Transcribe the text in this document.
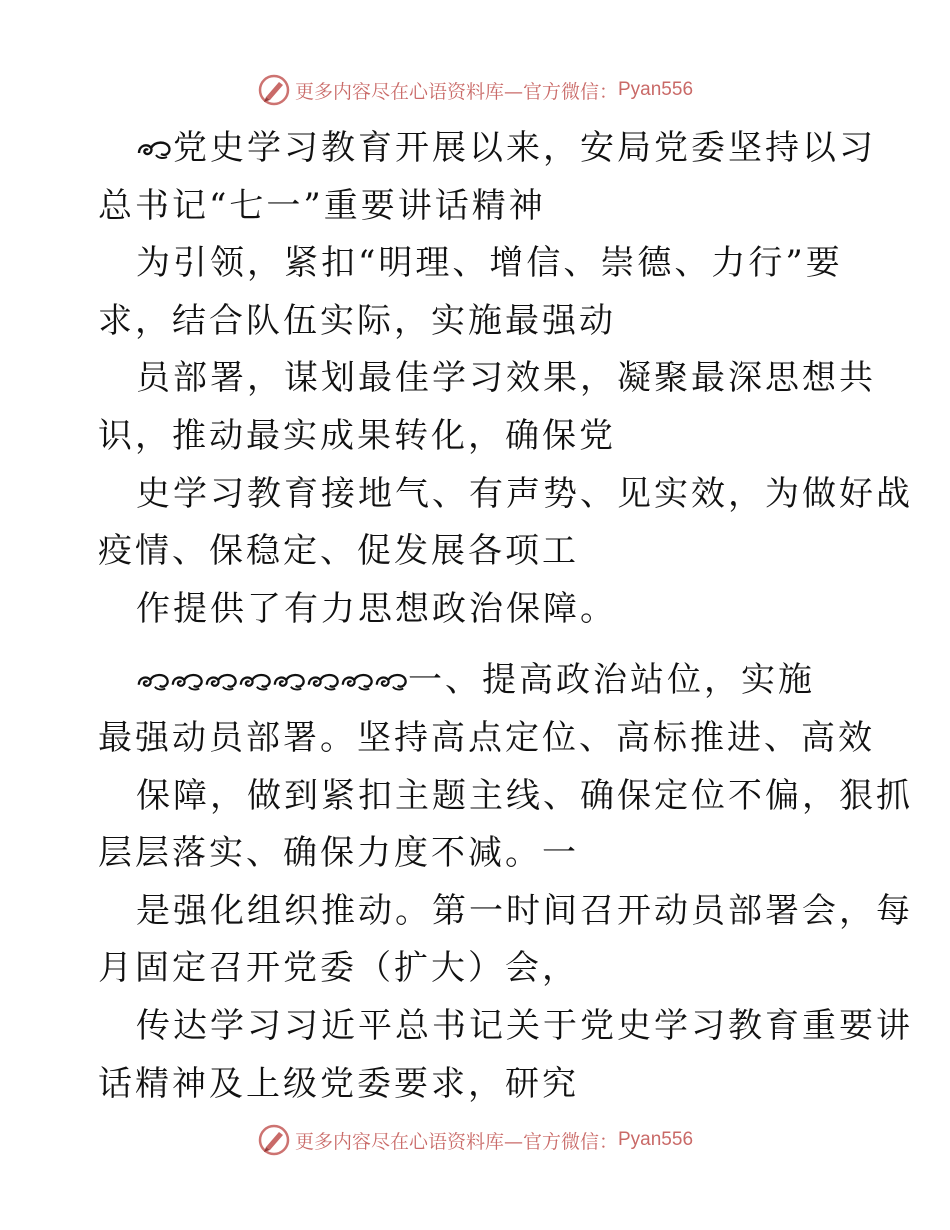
更多内容尽在心语资料库—官方微信： Pyan556
党史学习教育开展以来，安局党委坚持以习
总书记“七一”重要讲话精神
为引领，紧扣“明理、增信、崇德、力行”要
求，结合队伍实际，实施最强动
员部署，谋划最佳学习效果，凝聚最深思想共
识，推动最实成果转化，确保党
史学习教育接地气、有声势、见实效，为做好战
疫情、保稳定、促发展各项工
作提供了有力思想政治保障。
一、提高政治站位，实施
最强动员部署。坚持高点定位、高标推进、高效
保障，做到紧扣主题主线、确保定位不偏，狠抓
层层落实、确保力度不减。一
是强化组织推动。第一时间召开动员部署会，每
月固定召开党委（扩大）会，
传达学习习近平总书记关于党史学习教育重要讲
话精神及上级党委要求，研究
更多内容尽在心语资料库—官方微信： Pyan556
